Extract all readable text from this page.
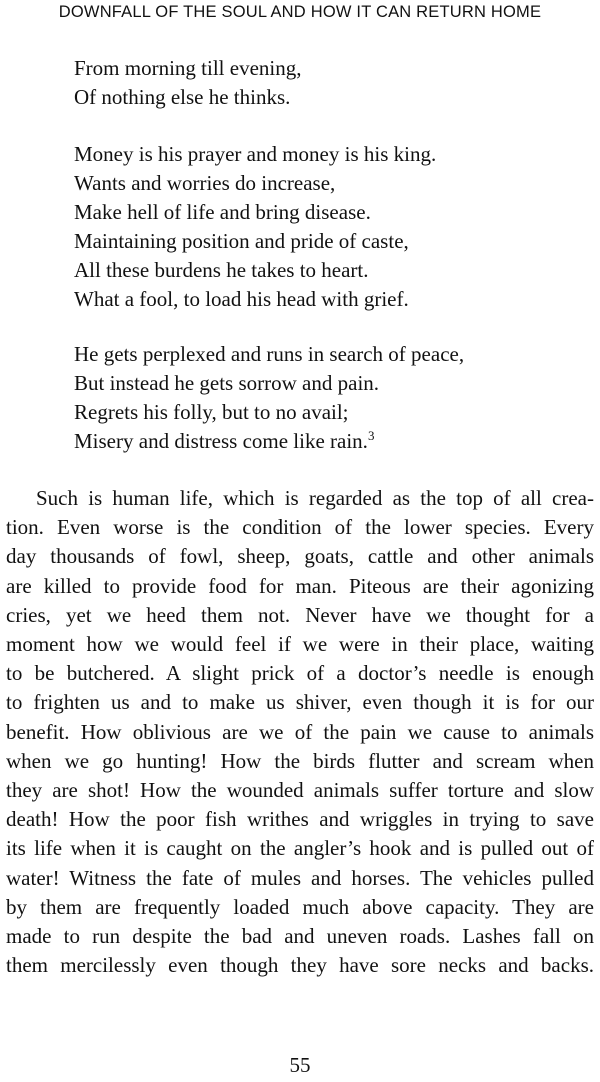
DOWNFALL OF THE SOUL AND HOW IT CAN RETURN HOME
From morning till evening,
Of nothing else he thinks.
Money is his prayer and money is his king.
Wants and worries do increase,
Make hell of life and bring disease.
Maintaining position and pride of caste,
All these burdens he takes to heart.
What a fool, to load his head with grief.
He gets perplexed and runs in search of peace,
But instead he gets sorrow and pain.
Regrets his folly, but to no avail;
Misery and distress come like rain.$^3$
Such is human life, which is regarded as the top of all crea-
tion. Even worse is the condition of the lower species. Every
day thousands of fowl, sheep, goats, cattle and other animals
are killed to provide food for man. Piteous are their agonizing
cries, yet we heed them not. Never have we thought for a
moment how we would feel if we were in their place, waiting
to be butchered. A slight prick of a doctor’s needle is enough
to frighten us and to make us shiver, even though it is for our
benefit. How oblivious are we of the pain we cause to animals
when we go hunting! How the birds flutter and scream when
they are shot! How the wounded animals suffer torture and slow
death! How the poor fish writhes and wriggles in trying to save
its life when it is caught on the angler’s hook and is pulled out of
water! Witness the fate of mules and horses. The vehicles pulled
by them are frequently loaded much above capacity. They are
made to run despite the bad and uneven roads. Lashes fall on
them mercilessly even though they have sore necks and backs.
55
